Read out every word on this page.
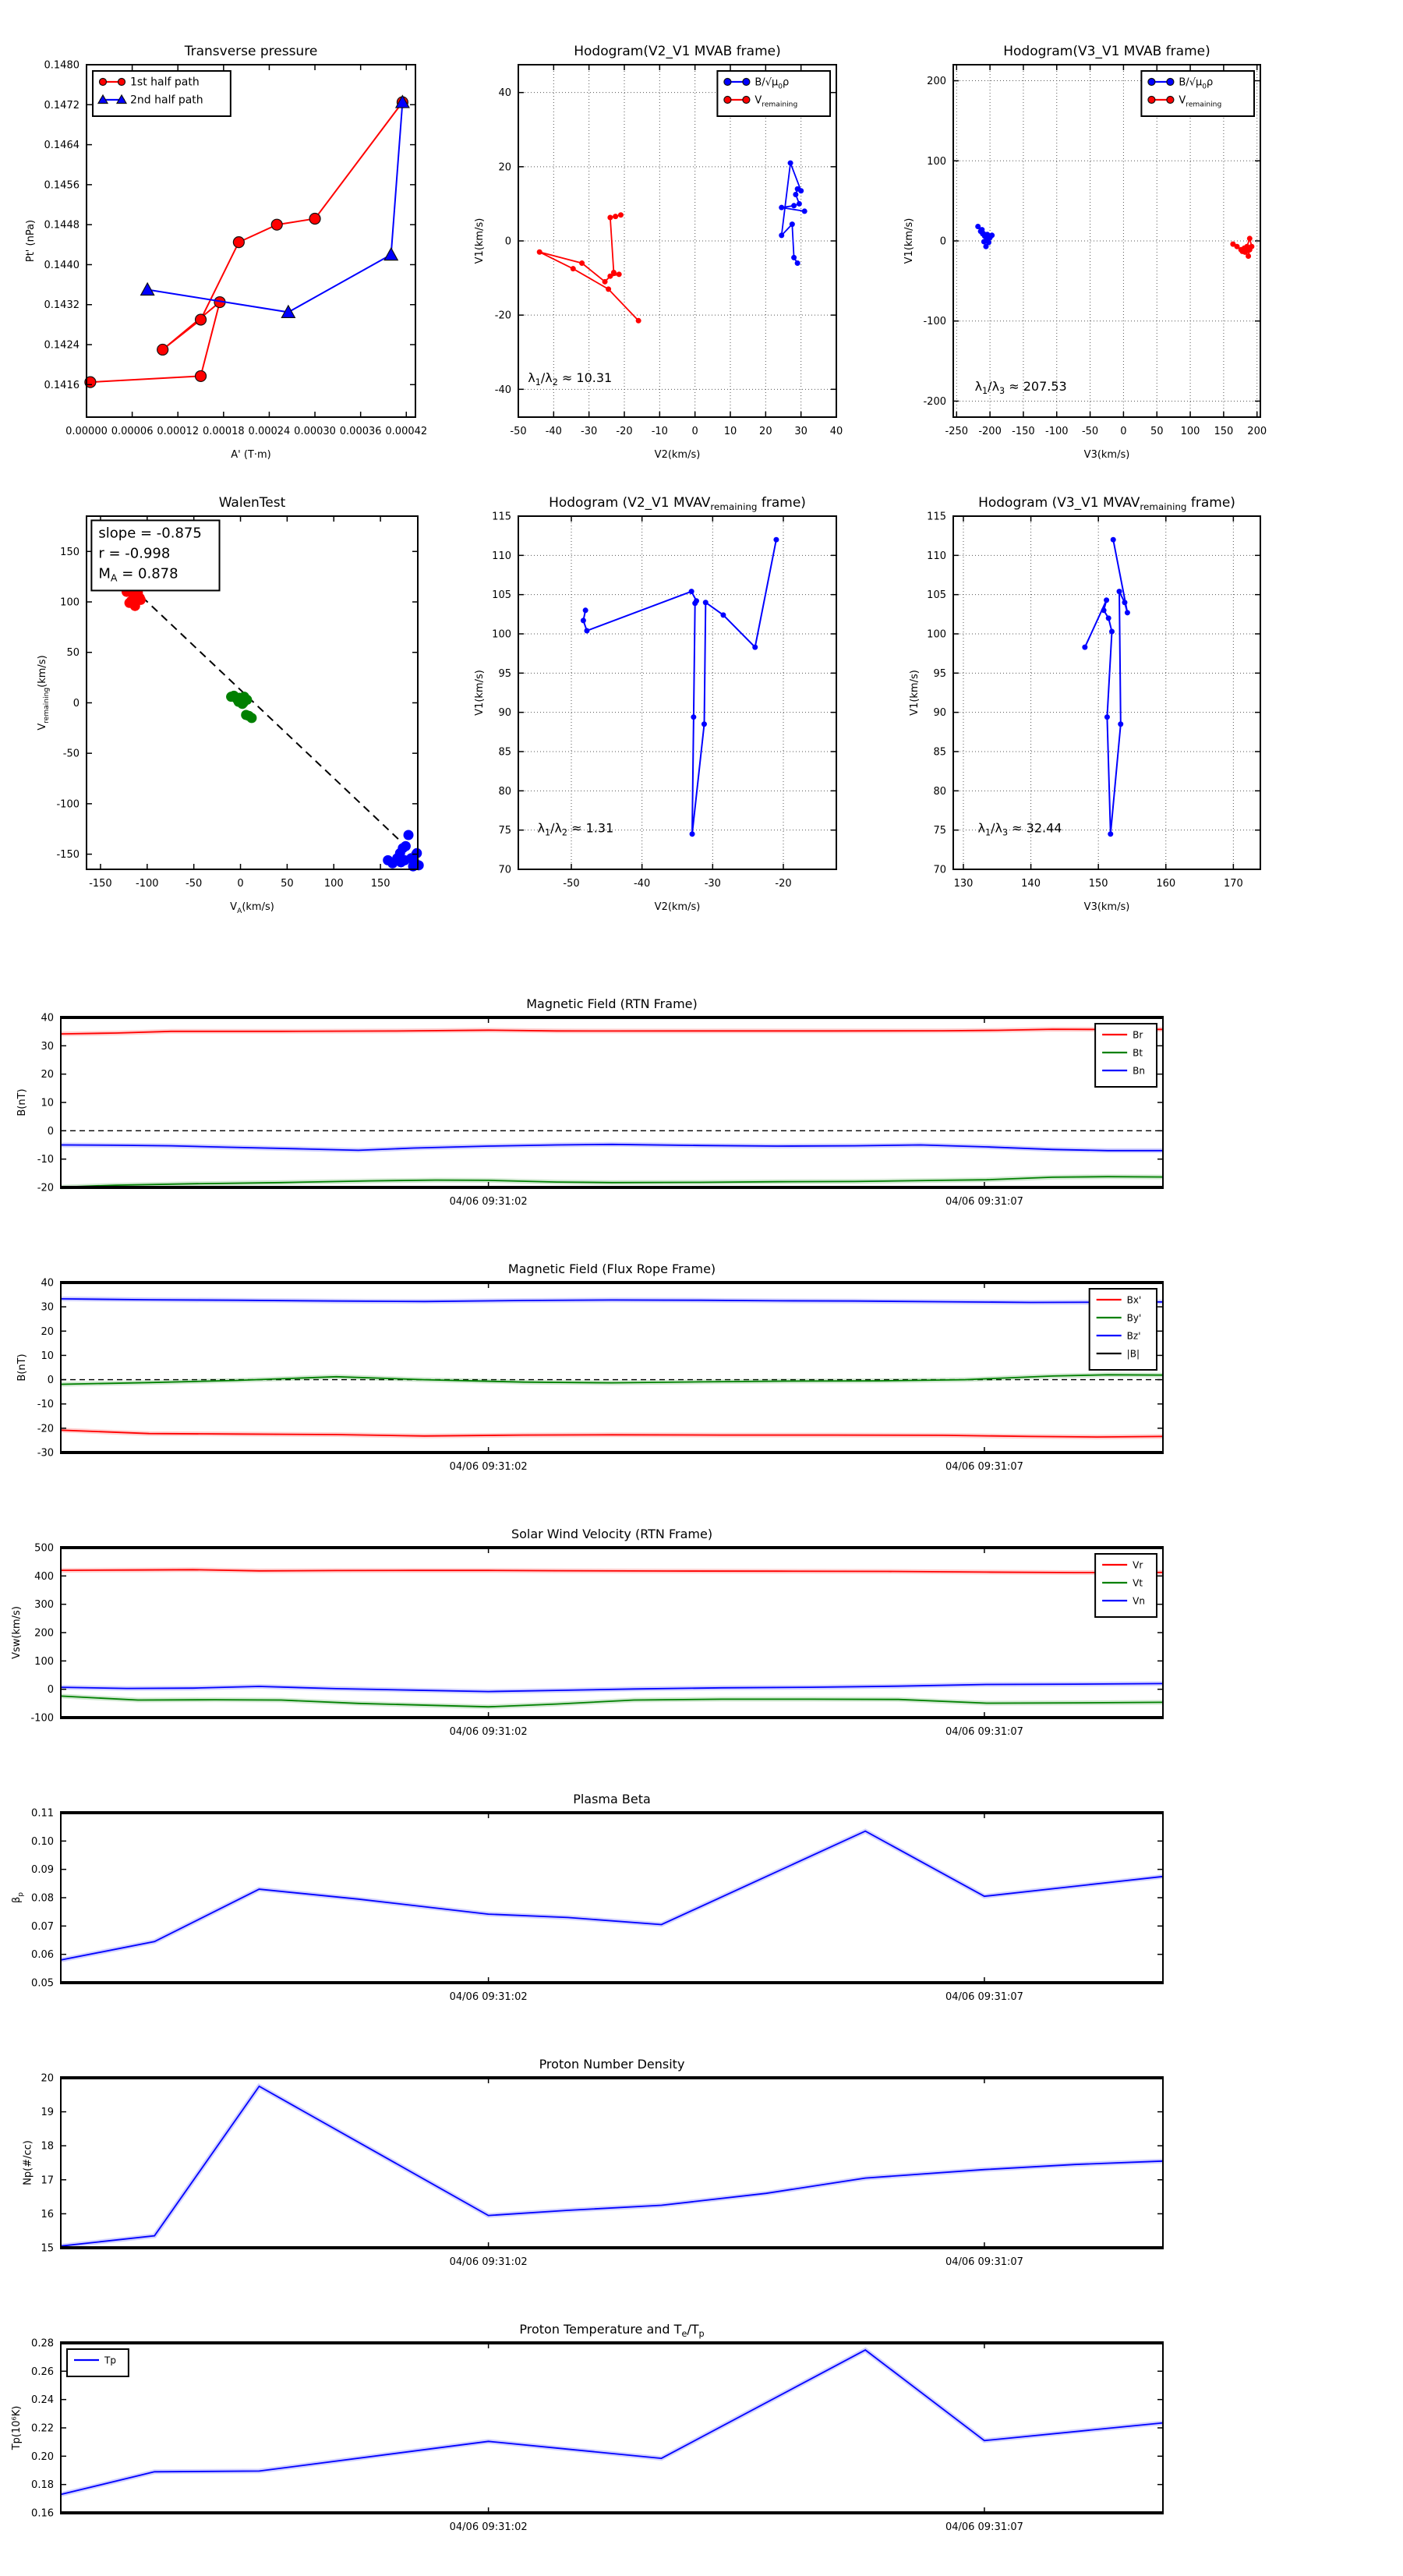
0.00000 0.00006 0.00012 0.00018 0.00024 0.00030 0.00036 0.00042
0.1416
0.1424
0.1432
0.1440
0.1448
0.1456
0.1464
0.1472
0.1480
Transverse pressure
A' (T·m)
Pt' (nPa)
1st half path
2nd half path
-50 -40 -30 -20 -10 0	10 20 30 40
-40
-20
0
20
40
Hodogram(V2_V1 MVAB frame)
V2(km/s)
V1(km/s)
$\lambda_1/\lambda_2 \approx 10.31$
$B/√\mu_0\rho$
$V_{remaining}$
-250 -200 -150 -100 -50 0 50 100 150 200
-200
-100
0
100
200
Hodogram(V3_V1 MVAB frame)
V3(km/s)
V1(km/s)
$\lambda_1/\lambda_3 \approx 207.53$
$B/√\mu_0\rho$
$V_{remaining}$
-150 -100	-50	0	50	100	150
-150
-100
-50
0
50
100
150
WalenTest
$V_A(km/s)$
$V_{remaining}(km/s)$
slope = -0.875
r = -0.998
$M_A = 0.878$
-50	-40	-30	-20
70
75
80
85
90
95
100
105
110
115
Hodogram (V2_V1 $MVAV_{remaining}$ frame)
V2(km/s)
V1(km/s)
$\lambda_1/\lambda_2 \approx 1.31$
130	140	150	160	170
70
75
80
85
90
95
100
105
110
115
Hodogram (V3_V1 $MVAV_{remaining}$ frame)
V3(km/s)
V1(km/s)
$\lambda_1/\lambda_3 \approx 32.44$
04/06 09:31:02	04/06 09:31:07
-20
-10
0
10
20
30
40
Magnetic Field (RTN Frame)
B(nT)
Br
Bt
Bn
04/06 09:31:02	04/06 09:31:07
-30
-20
-10
0
10
20
30
40
Magnetic Field (Flux Rope Frame)
B(nT)
Bx'
By'
Bz'
|B|
04/06 09:31:02	04/06 09:31:07
-100
0
100
200
300
400
500
Solar Wind Velocity (RTN Frame)
Vsw(km/s)
Vr
Vt
Vn
04/06 09:31:02	04/06 09:31:07
0.05
0.06
0.07
0.08
0.09
0.10
0.11
Plasma Beta
$\beta_p$
04/06 09:31:02	04/06 09:31:07
15
16
17
18
19
20
Proton Number Density
Np(#/cc)
04/06 09:31:02	04/06 09:31:07
0.16
0.18
0.20
0.22
0.24
0.26
0.28
Proton Temperature and $T_e/T_p$
Tp(10⁶K)
Tp
